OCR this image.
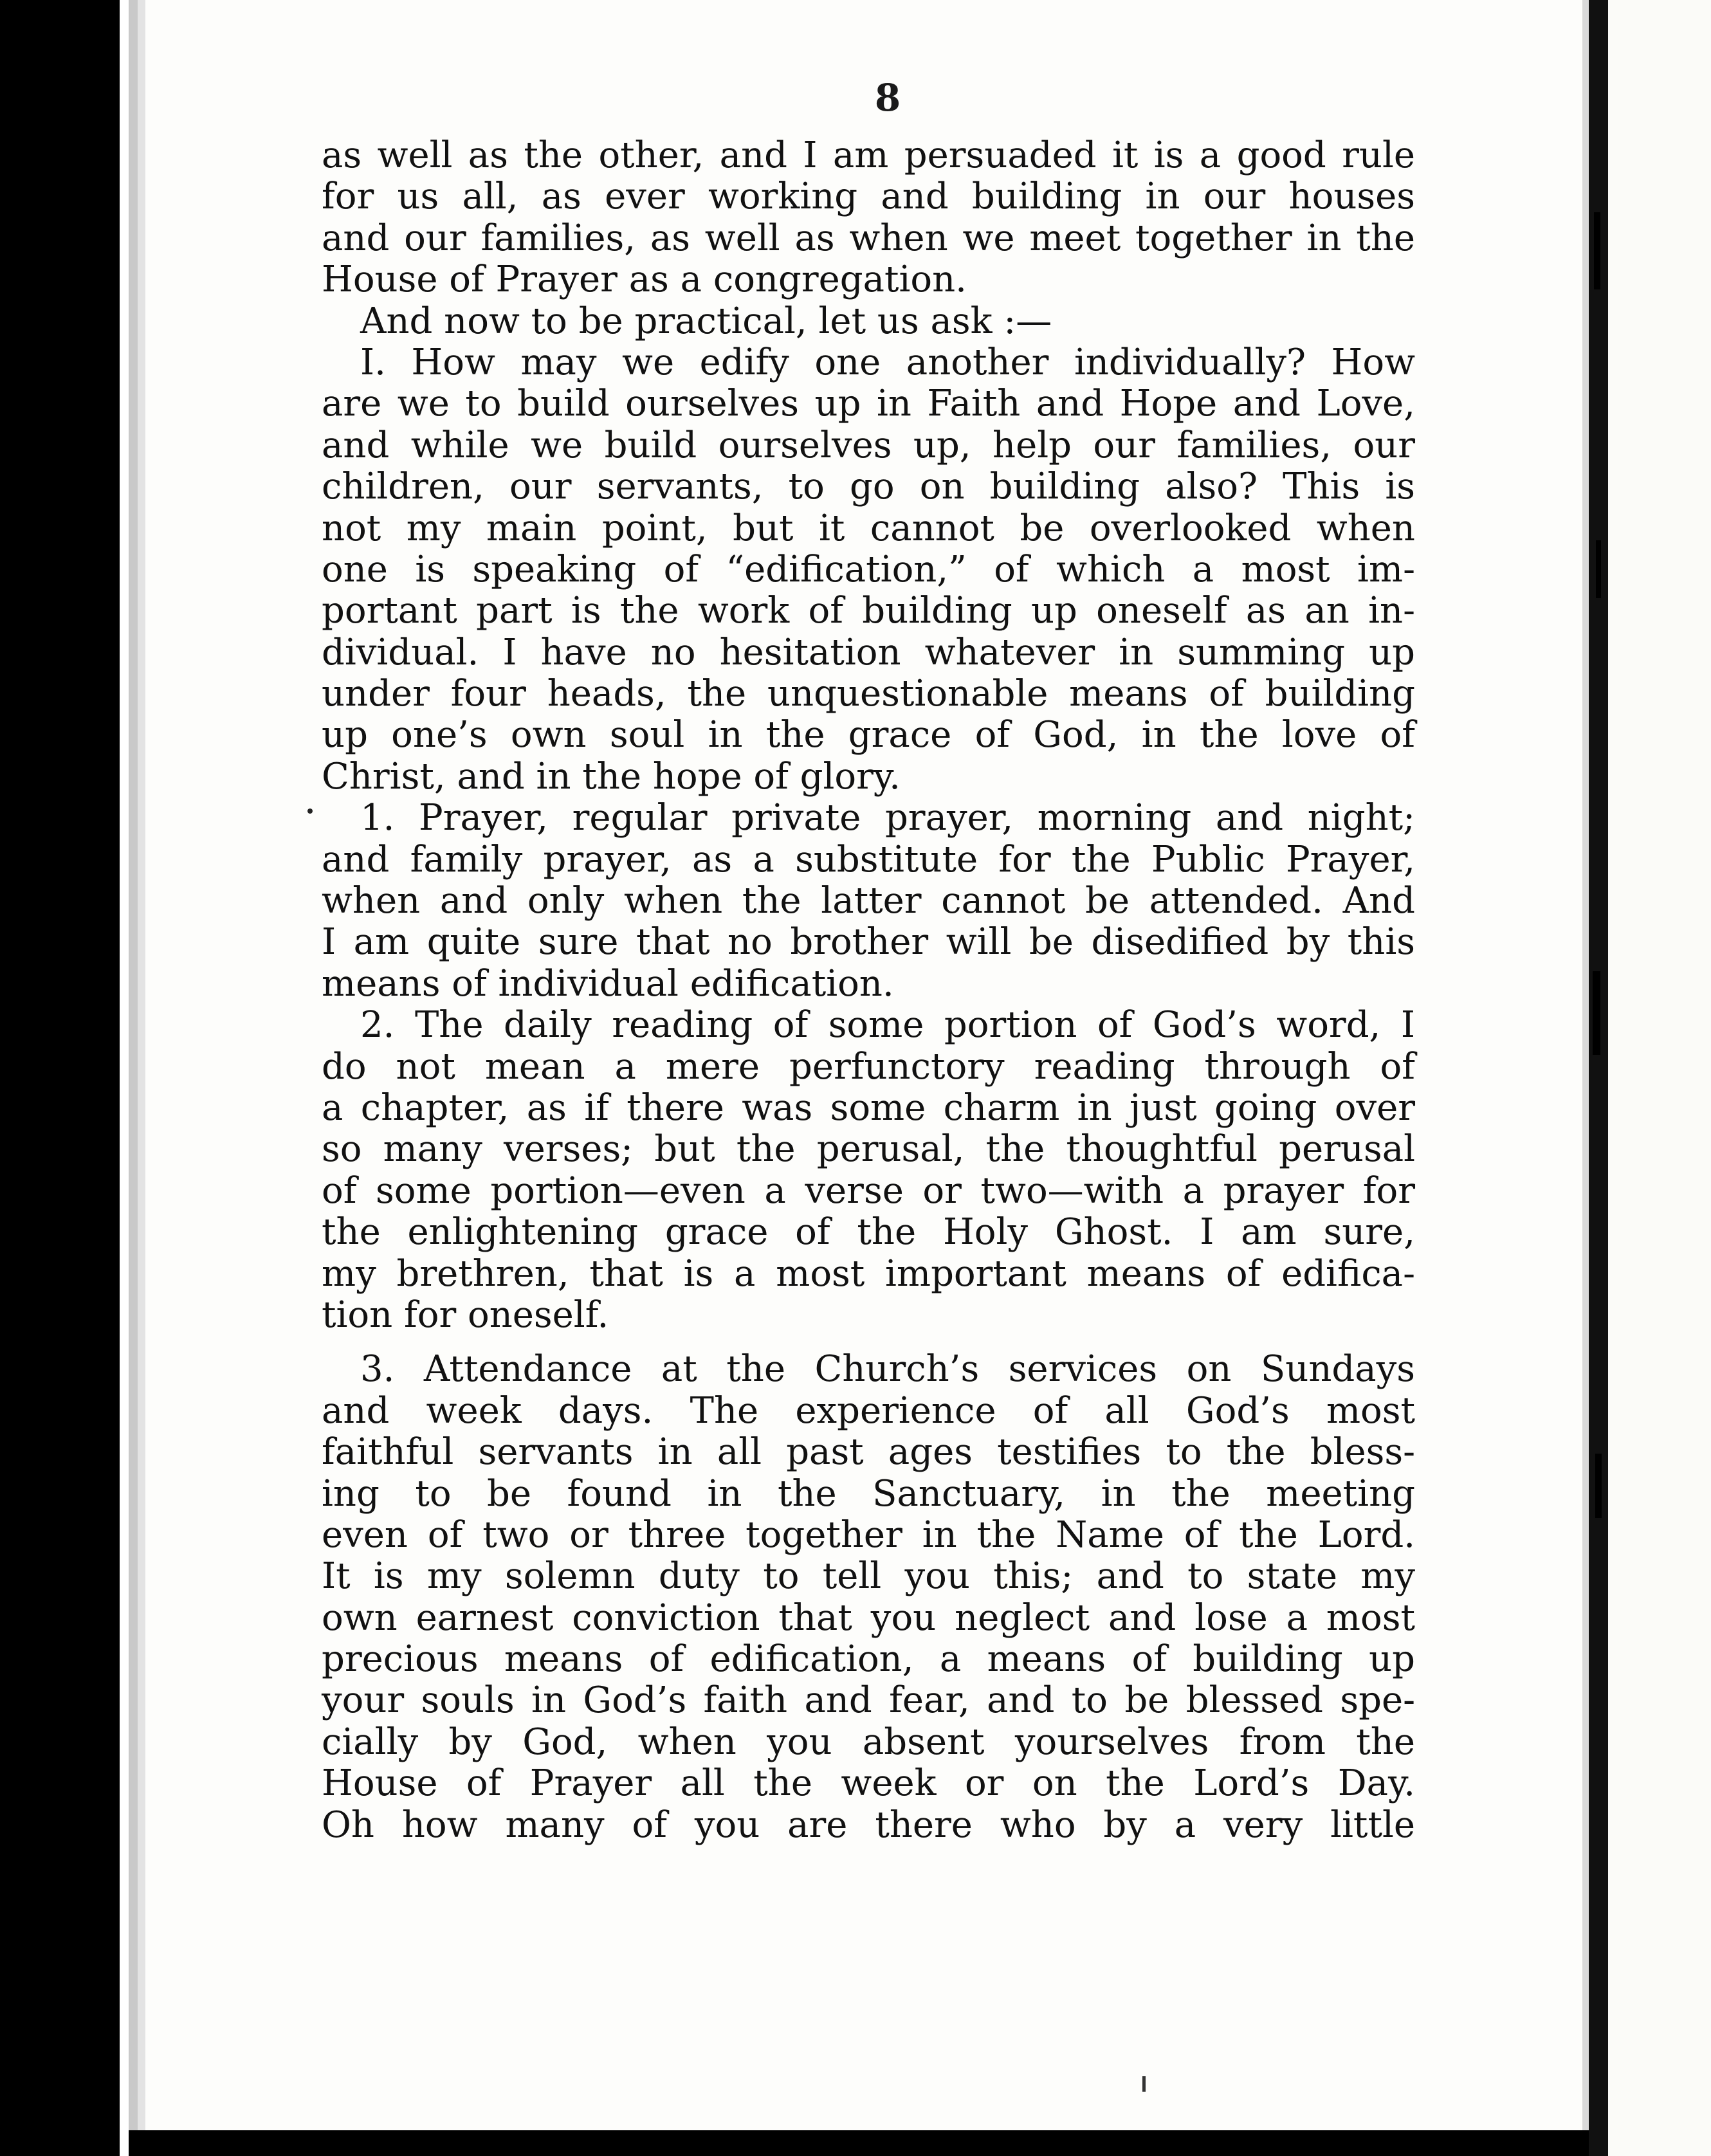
8
as well as the other, and I am persuaded it is a good rule
for us all, as ever working and building in our houses
and our families, as well as when we meet together in the
House of Prayer as a congregation.
And now to be practical, let us ask :—
I. How may we edify one another individually? How
are we to build ourselves up in Faith and Hope and Love,
and while we build ourselves up, help our families, our
children, our servants, to go on building also? This is
not my main point, but it cannot be overlooked when
one is speaking of “edification,” of which a most im-
portant part is the work of building up oneself as an in-
dividual. I have no hesitation whatever in summing up
under four heads, the unquestionable means of building
up one’s own soul in the grace of God, in the love of
Christ, and in the hope of glory.
1. Prayer, regular private prayer, morning and night;
and family prayer, as a substitute for the Public Prayer,
when and only when the latter cannot be attended. And
I am quite sure that no brother will be disedified by this
means of individual edification.
2. The daily reading of some portion of God’s word, I
do not mean a mere perfunctory reading through of
a chapter, as if there was some charm in just going over
so many verses; but the perusal, the thoughtful perusal
of some portion—even a verse or two—with a prayer for
the enlightening grace of the Holy Ghost. I am sure,
my brethren, that is a most important means of edifica-
tion for oneself.
3. Attendance at the Church’s services on Sundays
and week days. The experience of all God’s most
faithful servants in all past ages testifies to the bless-
ing to be found in the Sanctuary, in the meeting
even of two or three together in the Name of the Lord.
It is my solemn duty to tell you this; and to state my
own earnest conviction that you neglect and lose a most
precious means of edification, a means of building up
your souls in God’s faith and fear, and to be blessed spe-
cially by God, when you absent yourselves from the
House of Prayer all the week or on the Lord’s Day.
Oh how many of you are there who by a very little
